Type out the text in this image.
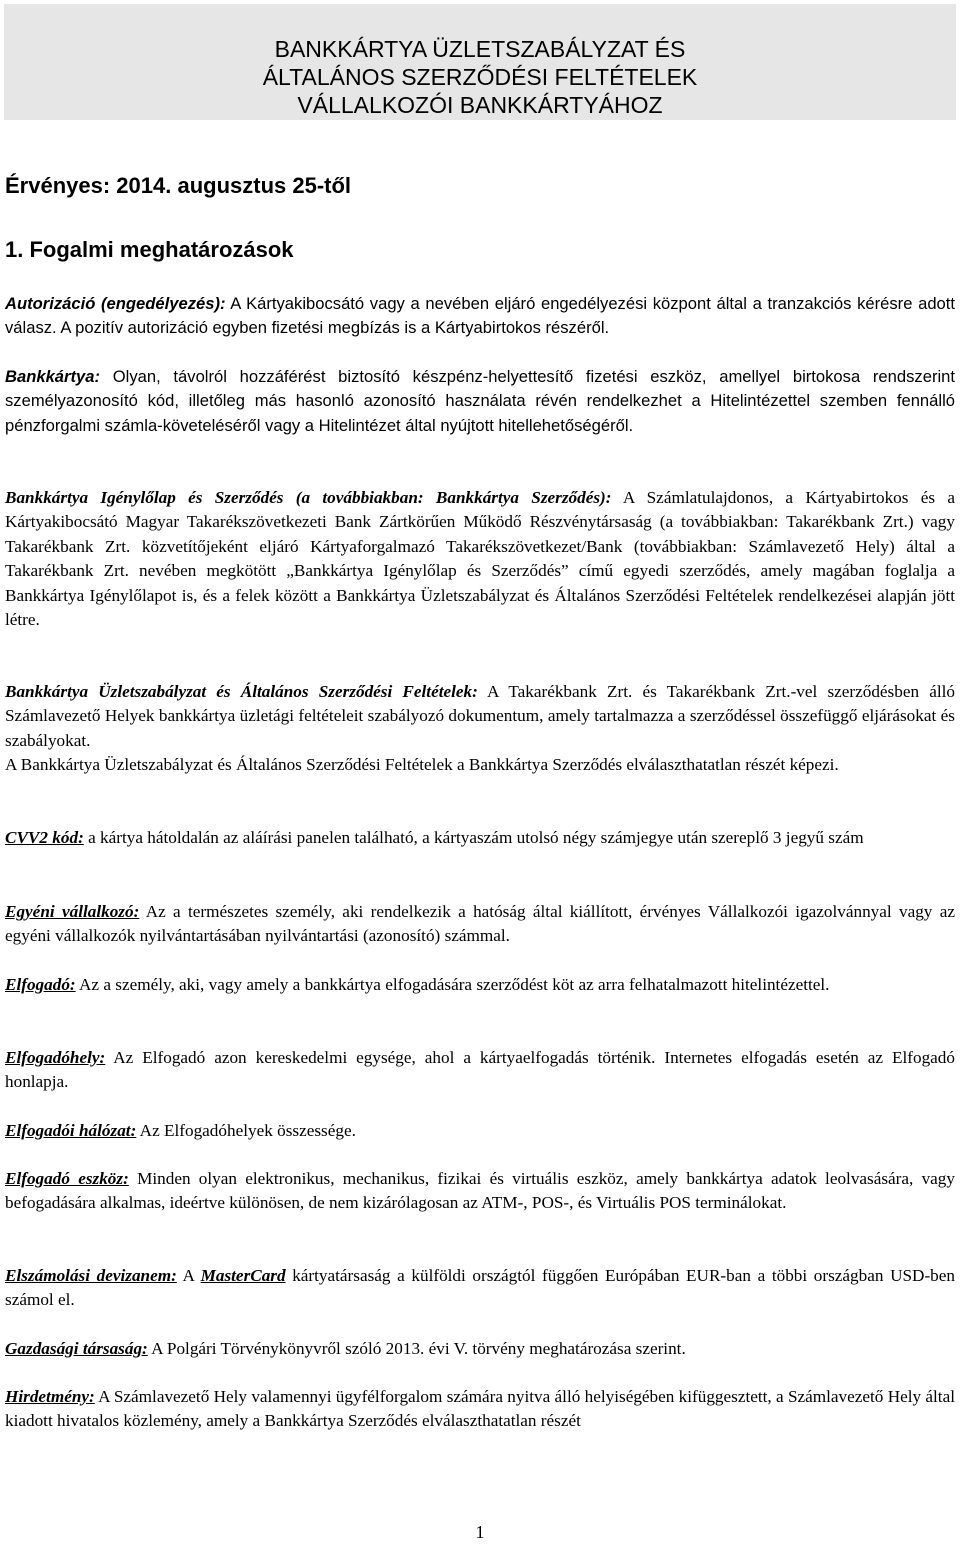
BANKKÁRTYA ÜZLETSZABÁLYZAT ÉS
ÁLTALÁNOS SZERZŐDÉSI FELTÉTELEK
VÁLLALKOZÓI BANKKÁRTYÁHOZ
Érvényes: 2014. augusztus 25-től
1. Fogalmi meghatározások
Autorizáció (engedélyezés): A Kártyakibocsátó vagy a nevében eljáró engedélyezési központ által a tranzakciós kérésre adott válasz. A pozitív autorizáció egyben fizetési megbízás is a Kártyabirtokos részéről.
Bankkártya: Olyan, távolról hozzáférést biztosító készpénz-helyettesítő fizetési eszköz, amellyel birtokosa rendszerint személyazonosító kód, illetőleg más hasonló azonosító használata révén rendelkezhet a Hitelintézettel szemben fennálló pénzforgalmi számla-követeléséről vagy a Hitelintézet által nyújtott hitellehetőségéről.
Bankkártya Igénylőlap és Szerződés (a továbbiakban: Bankkártya Szerződés): A Számlatulajdonos, a Kártyabirtokos és a Kártyakibocsátó Magyar Takarékszövetkezeti Bank Zártkörűen Működő Részvénytársaság (a továbbiakban: Takarékbank Zrt.) vagy Takarékbank Zrt. közvetítőjeként eljáró Kártyaforgalmazó Takarékszövetkezet/Bank (továbbiakban: Számlavezető Hely) által a Takarékbank Zrt. nevében megkötött „Bankkártya Igénylőlap és Szerződés” című egyedi szerződés, amely magában foglalja a Bankkártya Igénylőlapot is, és a felek között a Bankkártya Üzletszabályzat és Általános Szerződési Feltételek rendelkezései alapján jött létre.
Bankkártya Üzletszabályzat és Általános Szerződési Feltételek: A Takarékbank Zrt. és Takarékbank Zrt.-vel szerződésben álló Számlavezető Helyek bankkártya üzletági feltételeit szabályozó dokumentum, amely tartalmazza a szerződéssel összefüggő eljárásokat és szabályokat.
A Bankkártya Üzletszabályzat és Általános Szerződési Feltételek a Bankkártya Szerződés elválaszthatatlan részét képezi.
CVV2 kód: a kártya hátoldalán az aláírási panelen található, a kártyaszám utolsó négy számjegye után szereplő 3 jegyű szám
Egyéni vállalkozó: Az a természetes személy, aki rendelkezik a hatóság által kiállított, érvényes Vállalkozói igazolvánnyal vagy az egyéni vállalkozók nyilvántartásában nyilvántartási (azonosító) számmal.
Elfogadó: Az a személy, aki, vagy amely a bankkártya elfogadására szerződést köt az arra felhatalmazott hitelintézettel.
Elfogadóhely: Az Elfogadó azon kereskedelmi egysége, ahol a kártyaelfogadás történik. Internetes elfogadás esetén az Elfogadó honlapja.
Elfogadói hálózat: Az Elfogadóhelyek összessége.
Elfogadó eszköz: Minden olyan elektronikus, mechanikus, fizikai és virtuális eszköz, amely bankkártya adatok leolvasására, vagy befogadására alkalmas, ideértve különösen, de nem kizárólagosan az ATM-, POS-, és Virtuális POS terminálokat.
Elszámolási devizanem: A MasterCard kártyatársaság a külföldi országtól függően Európában EUR-ban a többi országban USD-ben számol el.
Gazdasági társaság: A Polgári Törvénykönyvről szóló 2013. évi V. törvény meghatározása szerint.
Hirdetmény: A Számlavezető Hely valamennyi ügyfélforgalom számára nyitva álló helyiségében kifüggesztett, a Számlavezető Hely által kiadott hivatalos közlemény, amely a Bankkártya Szerződés elválaszthatatlan részét
1
